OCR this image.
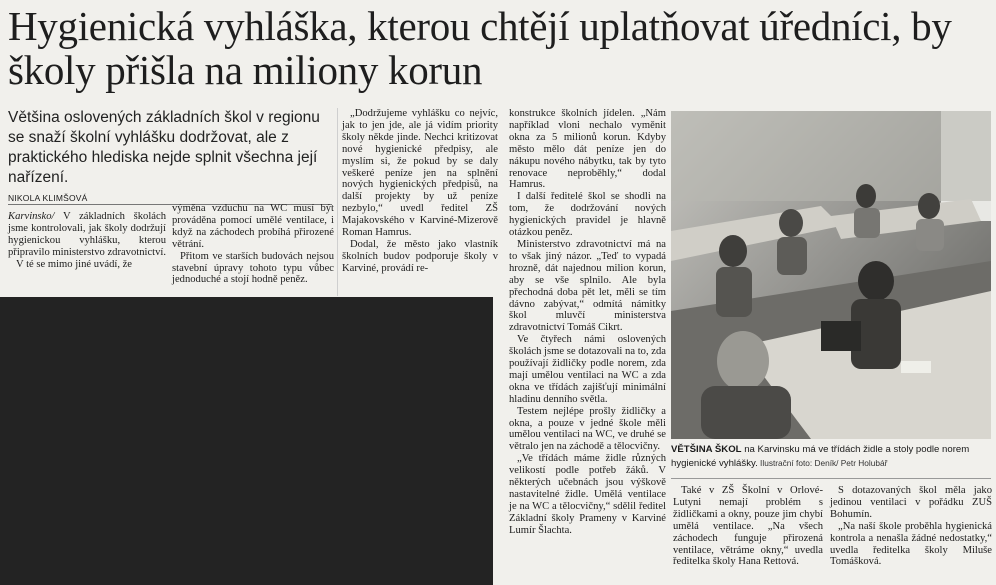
Hygienická vyhláška, kterou chtějí uplatňovat úředníci, by školy přišla na miliony korun

Většina oslovených základních škol v regionu se snaží školní vyhlášku dodržovat, ale z praktického hlediska nejde splnit všechna její nařízení.

NIKOLA KLIMŠOVÁ

Karvinsko/ V základních školách jsme kontrolovali, jak školy dodržují hygienickou vyhlášku, kterou připravilo ministerstvo zdravotnictví.

V té se mimo jiné uvádí, že

výměna vzduchu na WC musí být prováděna pomocí umělé ventilace, i když na záchodech probíhá přirozené větrání.

Přitom ve starších budovách nejsou stavební úpravy tohoto typu vůbec jednoduché a stojí hodně peněz.

„Dodržujeme vyhlášku co nejvíc, jak to jen jde, ale já vidím priority školy někde jinde. Nechci kritizovat nové hygienické předpisy, ale myslím si, že pokud by se daly veškeré peníze jen na splnění nových hygienických předpisů, na další projekty by už peníze nezbylo,“ uvedl ředitel ZŠ Majakovského v Karviné-Mizerově Roman Hamrus.

Dodal, že město jako vlastník školních budov podporuje školy v Karviné, provádí re-

konstrukce školních jídelen. „Nám například vloni nechalo vyměnit okna za 5 milionů korun. Kdyby město mělo dát peníze jen do nákupu nového nábytku, tak by tyto renovace neproběhly,“ dodal Hamrus.

I další ředitelé škol se shodli na tom, že dodržování nových hygienických pravidel je hlavně otázkou peněz.

Ministerstvo zdravotnictví má na to však jiný názor. „Teď to vypadá hrozně, dát najednou milion korun, aby se vše splnilo. Ale byla přechodná doba pět let, měli se tím dávno zabývat,“ odmítá námitky škol mluvčí ministerstva zdravotnictví Tomáš Cikrt.

Ve čtyřech námi oslovených školách jsme se dotazovali na to, zda používají židličky podle norem, zda mají umělou ventilaci na WC a zda okna ve třídách zajišťují minimální hladinu denního světla.

Testem nejlépe prošly židličky a okna, a pouze v jedné škole měli umělou ventilaci na WC, ve druhé se větralo jen na záchodě a tělocvičny.

„Ve třídách máme židle různých velikostí podle potřeb žáků. V některých učebnách jsou výškově nastavitelné židle. Umělá ventilace je na WC a tělocvičny,“ sdělil ředitel Základní školy Prameny v Karviné Lumír Šlachta.

VĚTŠINA ŠKOL na Karvinsku má ve třídách židle a stoly podle norem hygienické vyhlášky. Ilustrační foto: Deník/ Petr Holubář

Také v ZŠ Školní v Orlové-Lutyni nemají problém s židličkami a okny, pouze jim chybí umělá ventilace. „Na všech záchodech funguje přirozená ventilace, větráme okny,“ uvedla ředitelka školy Hana Rettová.

S dotazovaných škol měla jako jedinou ventilaci v pořádku ZUŠ Bohumín.

„Na naší škole proběhla hygienická kontrola a nenašla žádné nedostatky,“ uvedla ředitelka školy Miluše Tomášková.
